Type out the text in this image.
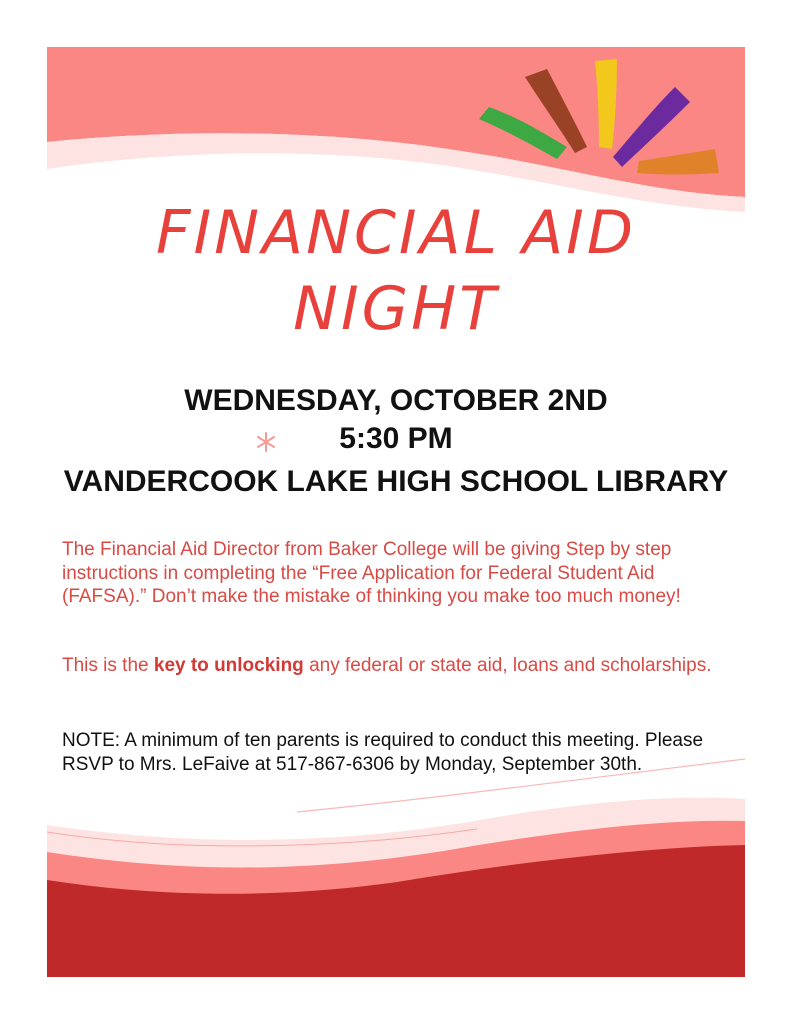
FINANCIAL AID
NIGHT
WEDNESDAY, OCTOBER 2ND
5:30 PM
VANDERCOOK LAKE HIGH SCHOOL LIBRARY
The Financial Aid Director from Baker College will be giving Step by step instructions in completing the “Free Application for Federal Student Aid (FAFSA).” Don’t make the mistake of thinking you make too much money!
This is the key to unlocking any federal or state aid, loans and scholarships.
NOTE: A minimum of ten parents is required to conduct this meeting. Please RSVP to Mrs. LeFaive at 517-867-6306 by Monday, September 30th.
